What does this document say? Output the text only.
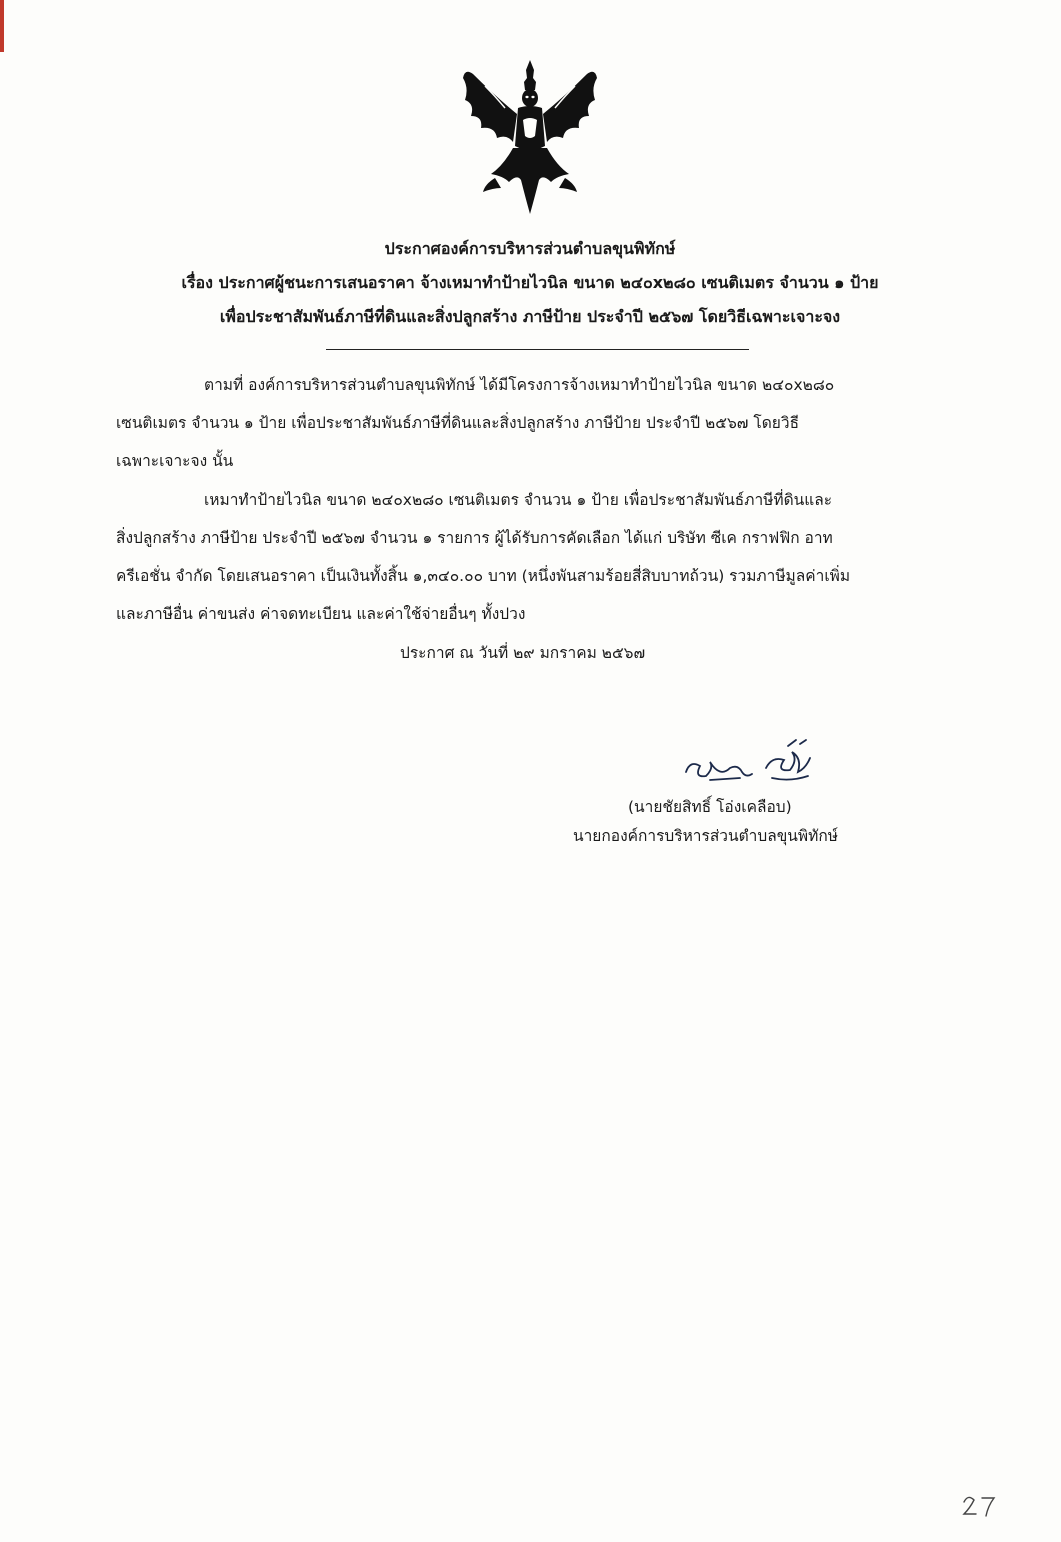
ประกาศองค์การบริหารส่วนตำบลขุนพิทักษ์
เรื่อง ประกาศผู้ชนะการเสนอราคา จ้างเหมาทำป้ายไวนิล ขนาด ๒๔๐x๒๘๐ เซนติเมตร จำนวน ๑ ป้าย
เพื่อประชาสัมพันธ์ภาษีที่ดินและสิ่งปลูกสร้าง ภาษีป้าย ประจำปี ๒๕๖๗ โดยวิธีเฉพาะเจาะจง
ตามที่ องค์การบริหารส่วนตำบลขุนพิทักษ์ ได้มีโครงการจ้างเหมาทำป้ายไวนิล ขนาด ๒๔๐x๒๘๐
เซนติเมตร จำนวน ๑ ป้าย เพื่อประชาสัมพันธ์ภาษีที่ดินและสิ่งปลูกสร้าง ภาษีป้าย ประจำปี ๒๕๖๗ โดยวิธี
เฉพาะเจาะจง นั้น
เหมาทำป้ายไวนิล ขนาด ๒๔๐x๒๘๐ เซนติเมตร จำนวน ๑ ป้าย เพื่อประชาสัมพันธ์ภาษีที่ดินและ
สิ่งปลูกสร้าง ภาษีป้าย ประจำปี ๒๕๖๗ จำนวน ๑ รายการ ผู้ได้รับการคัดเลือก ได้แก่ บริษัท ซีเค กราฟฟิก อาท
ครีเอชั่น จำกัด โดยเสนอราคา เป็นเงินทั้งสิ้น ๑,๓๔๐.๐๐ บาท (หนึ่งพันสามร้อยสี่สิบบาทถ้วน) รวมภาษีมูลค่าเพิ่ม
และภาษีอื่น ค่าขนส่ง ค่าจดทะเบียน และค่าใช้จ่ายอื่นๆ ทั้งปวง
ประกาศ ณ วันที่ ๒๙ มกราคม ๒๕๖๗
(นายชัยสิทธิ์ โอ่งเคลือบ)
นายกองค์การบริหารส่วนตำบลขุนพิทักษ์
